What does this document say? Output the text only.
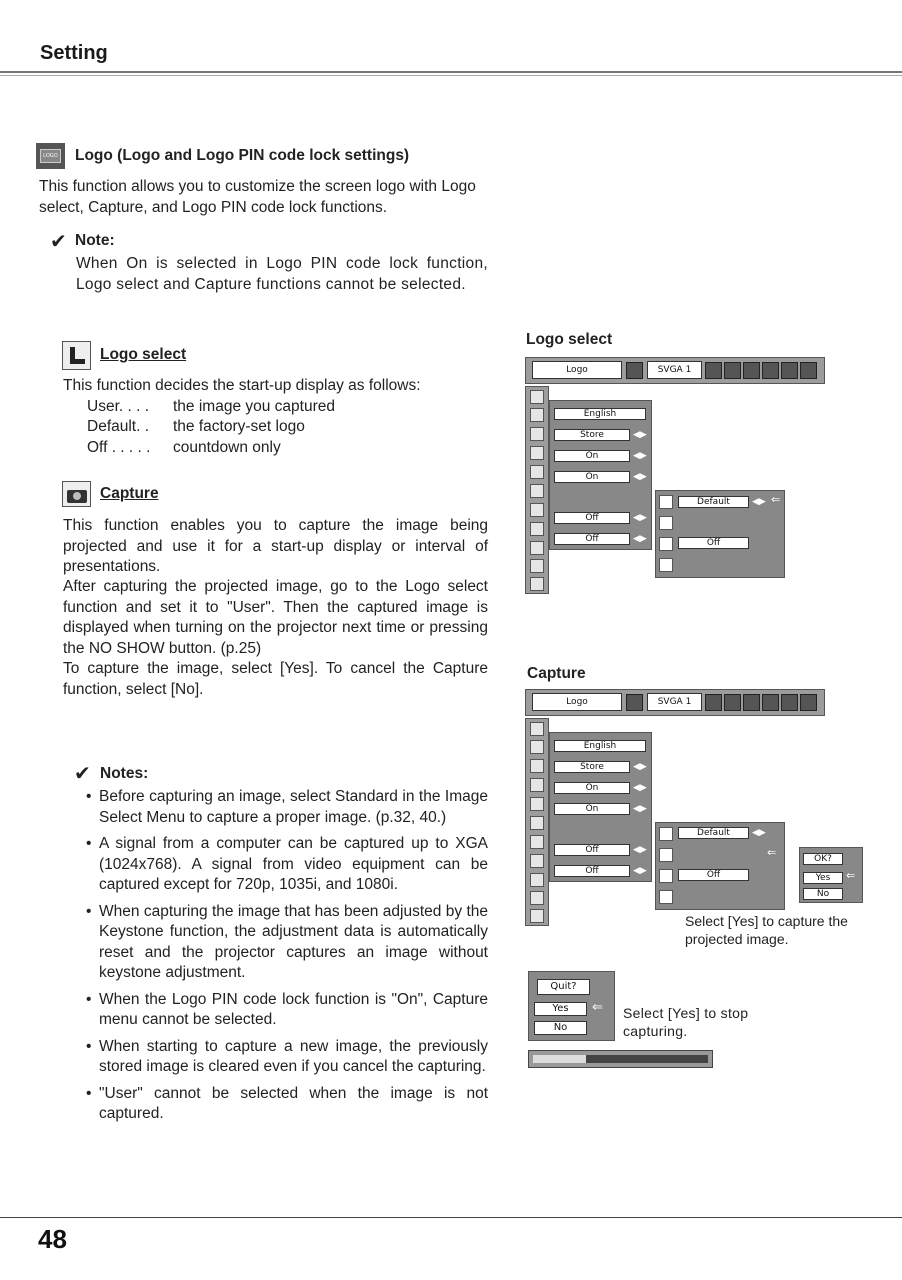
Setting
LOGO Logo (Logo and Logo PIN code lock settings)
This function allows you to customize the screen logo with Logo select, Capture, and Logo PIN code lock functions.
✔ Note:
When On is selected in Logo PIN code lock function, Logo select and Capture functions cannot be selected.
Logo select
This function decides the start-up display as follows:
User. . . . the image you captured
Default. . the factory-set logo
Off . . . . . countdown only
Capture
This function enables you to capture the image being projected and use it for a start-up display or interval of presentations.
After capturing the projected image, go to the Logo select function and set it to "User". Then the captured image is displayed when turning on the projector next time or pressing the NO SHOW button. (p.25)
To capture the image, select [Yes]. To cancel the Capture function, select [No].
✔ Notes:
• Before capturing an image, select Standard in the Image Select Menu to capture a proper image. (p.32, 40.)
• A signal from a computer can be captured up to XGA (1024x768). A signal from video equipment can be captured except for 720p, 1035i, and 1080i.
• When capturing the image that has been adjusted by the Keystone function, the adjustment data is automatically reset and the projector captures an image without keystone adjustment.
• When the Logo PIN code lock function is "On", Capture menu cannot be selected.
• When starting to capture a new image, the previously stored image is cleared even if you cancel the capturing.
• "User" cannot be selected when the image is not captured.
Logo select
Logo	SVGA 1
English
Store	◀▶
On	◀▶
On	◀▶
Off	◀▶
Off	◀▶
Default	◀▶ ⇐
Off
Capture
Logo	SVGA 1
English
Store	◀▶
On	◀▶
On	◀▶
Off	◀▶
Off	◀▶
Default	◀▶
⇐
Off
OK?
Yes	⇐
No
Select [Yes] to capture the projected image.
Quit?
Yes	⇐
No
Select [Yes] to stop capturing.
48
